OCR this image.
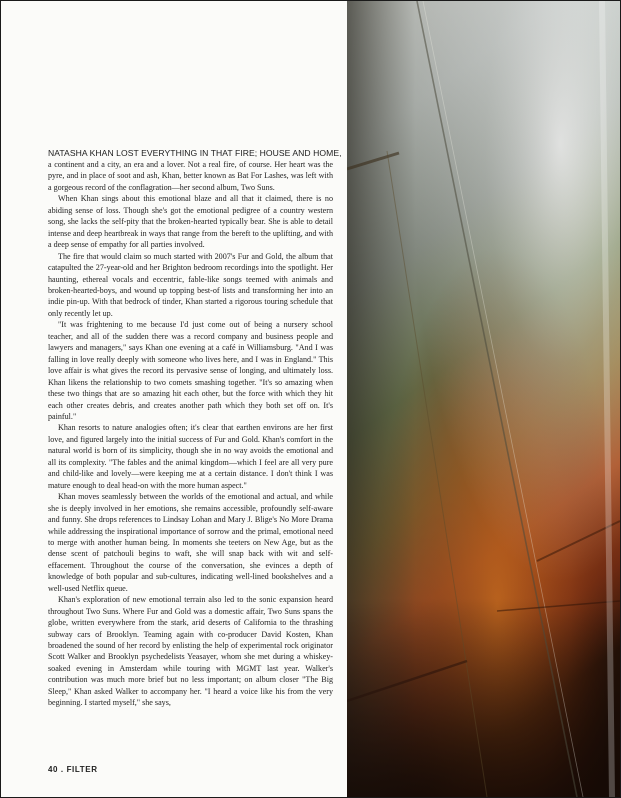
NATASHA KHAN LOST EVERYTHING IN THAT FIRE; HOUSE AND HOME,

a continent and a city, an era and a lover. Not a real fire, of course. Her heart was the pyre, and in place of soot and ash, Khan, better known as Bat For Lashes, was left with a gorgeous record of the conflagration—her second album, Two Suns.

When Khan sings about this emotional blaze and all that it claimed, there is no abiding sense of loss. Though she's got the emotional pedigree of a country western song, she lacks the self-pity that the broken-hearted typically bear. She is able to detail intense and deep heartbreak in ways that range from the bereft to the uplifting, and with a deep sense of empathy for all parties involved.

The fire that would claim so much started with 2007's Fur and Gold, the album that catapulted the 27-year-old and her Brighton bedroom recordings into the spotlight. Her haunting, ethereal vocals and eccentric, fable-like songs teemed with animals and broken-hearted-boys, and wound up topping best-of lists and transforming her into an indie pin-up. With that bedrock of tinder, Khan started a rigorous touring schedule that only recently let up.

"It was frightening to me because I'd just come out of being a nursery school teacher, and all of the sudden there was a record company and business people and lawyers and managers," says Khan one evening at a café in Williamsburg. "And I was falling in love really deeply with someone who lives here, and I was in England." This love affair is what gives the record its pervasive sense of longing, and ultimately loss. Khan likens the relationship to two comets smashing together. "It's so amazing when these two things that are so amazing hit each other, but the force with which they hit each other creates debris, and creates another path which they both set off on. It's painful."

Khan resorts to nature analogies often; it's clear that earthen environs are her first love, and figured largely into the initial success of Fur and Gold. Khan's comfort in the natural world is born of its simplicity, though she in no way avoids the emotional and all its complexity. "The fables and the animal kingdom—which I feel are all very pure and child-like and lovely—were keeping me at a certain distance. I don't think I was mature enough to deal head-on with the more human aspect."

Khan moves seamlessly between the worlds of the emotional and actual, and while she is deeply involved in her emotions, she remains accessible, profoundly self-aware and funny. She drops references to Lindsay Lohan and Mary J. Blige's No More Drama while addressing the inspirational importance of sorrow and the primal, emotional need to merge with another human being. In moments she teeters on New Age, but as the dense scent of patchouli begins to waft, she will snap back with wit and self-effacement. Throughout the course of the conversation, she evinces a depth of knowledge of both popular and sub-cultures, indicating well-lined bookshelves and a well-used Netflix queue.

Khan's exploration of new emotional terrain also led to the sonic expansion heard throughout Two Suns. Where Fur and Gold was a domestic affair, Two Suns spans the globe, written everywhere from the stark, arid deserts of California to the thrashing subway cars of Brooklyn. Teaming again with co-producer David Kosten, Khan broadened the sound of her record by enlisting the help of experimental rock originator Scott Walker and Brooklyn psychedelists Yeasayer, whom she met during a whiskey-soaked evening in Amsterdam while touring with MGMT last year. Walker's contribution was much more brief but no less important; on album closer "The Big Sleep," Khan asked Walker to accompany her. "I heard a voice like his from the very beginning. I started myself," she says,

40 . FILTER
